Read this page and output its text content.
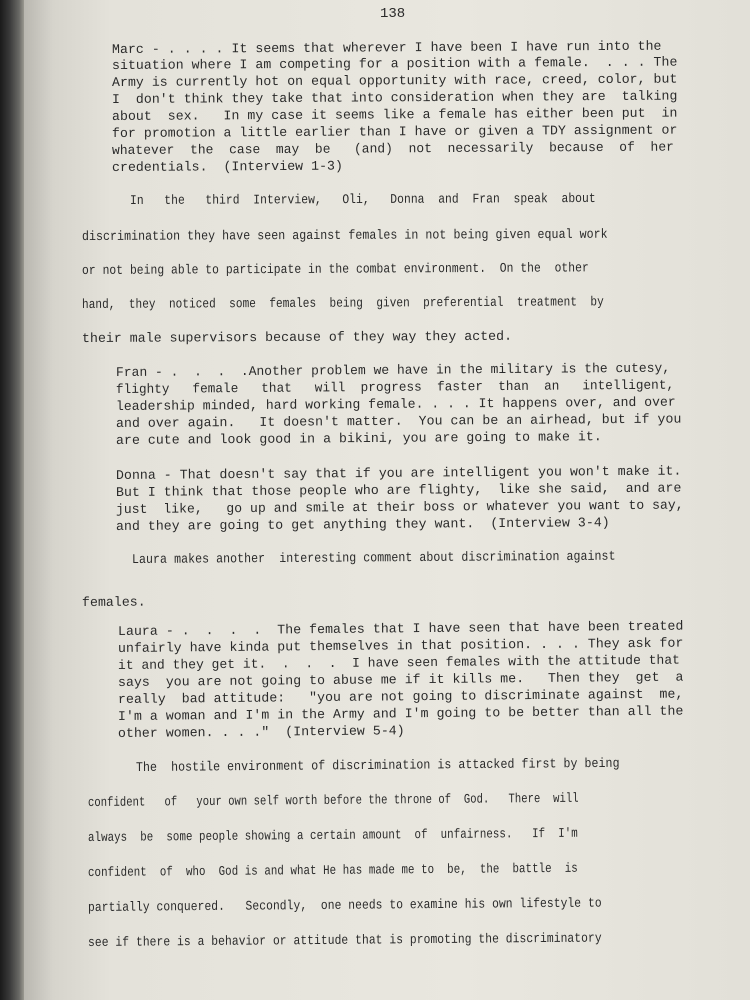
138
Marc - . . . . It seems that wherever I have been I have run into the
situation where I am competing for a position with a female.  . . . The
Army is currently hot on equal opportunity with race, creed, color, but
I  don't think they take that into consideration when they are  talking
about  sex.   In my case it seems like a female has either been put  in
for promotion a little earlier than I have or given a TDY assignment or
whatever  the  case  may  be   (and)  not  necessarily  because  of  her
credentials.  (Interview 1-3)
In   the   third  Interview,   Oli,   Donna  and  Fran  speak  about
discrimination they have seen against females in not being given equal work
or not being able to participate in the combat environment.  On the  other
hand,  they  noticed  some  females  being  given  preferential  treatment  by
their male supervisors because of they way they acted.
Fran - .  .  .  .Another problem we have in the military is the cutesy,
flighty   female   that   will  progress  faster  than  an   intelligent,
leadership minded, hard working female. . . . It happens over, and over
and over again.   It doesn't matter.  You can be an airhead, but if you
are cute and look good in a bikini, you are going to make it.
Donna - That doesn't say that if you are intelligent you won't make it.
But I think that those people who are flighty,  like she said,  and are
just  like,   go up and smile at their boss or whatever you want to say,
and they are going to get anything they want.  (Interview 3-4)
Laura makes another  interesting comment about discrimination against
females.
Laura - .  .  .  .  The females that I have seen that have been treated
unfairly have kinda put themselves in that position. . . . They ask for
it and they get it.  .  .  .  I have seen females with the attitude that
says  you are not going to abuse me if it kills me.   Then they  get  a
really  bad attitude:   "you are not going to discriminate against  me,
I'm a woman and I'm in the Army and I'm going to be better than all the
other women. . . ."  (Interview 5-4)
The  hostile environment of discrimination is attacked first by being
confident   of   your own self worth before the throne of  God.   There  will
always  be  some people showing a certain amount  of  unfairness.   If  I'm
confident  of  who  God is and what He has made me to  be,  the  battle  is
partially conquered.   Secondly,  one needs to examine his own lifestyle to
see if there is a behavior or attitude that is promoting the discriminatory
